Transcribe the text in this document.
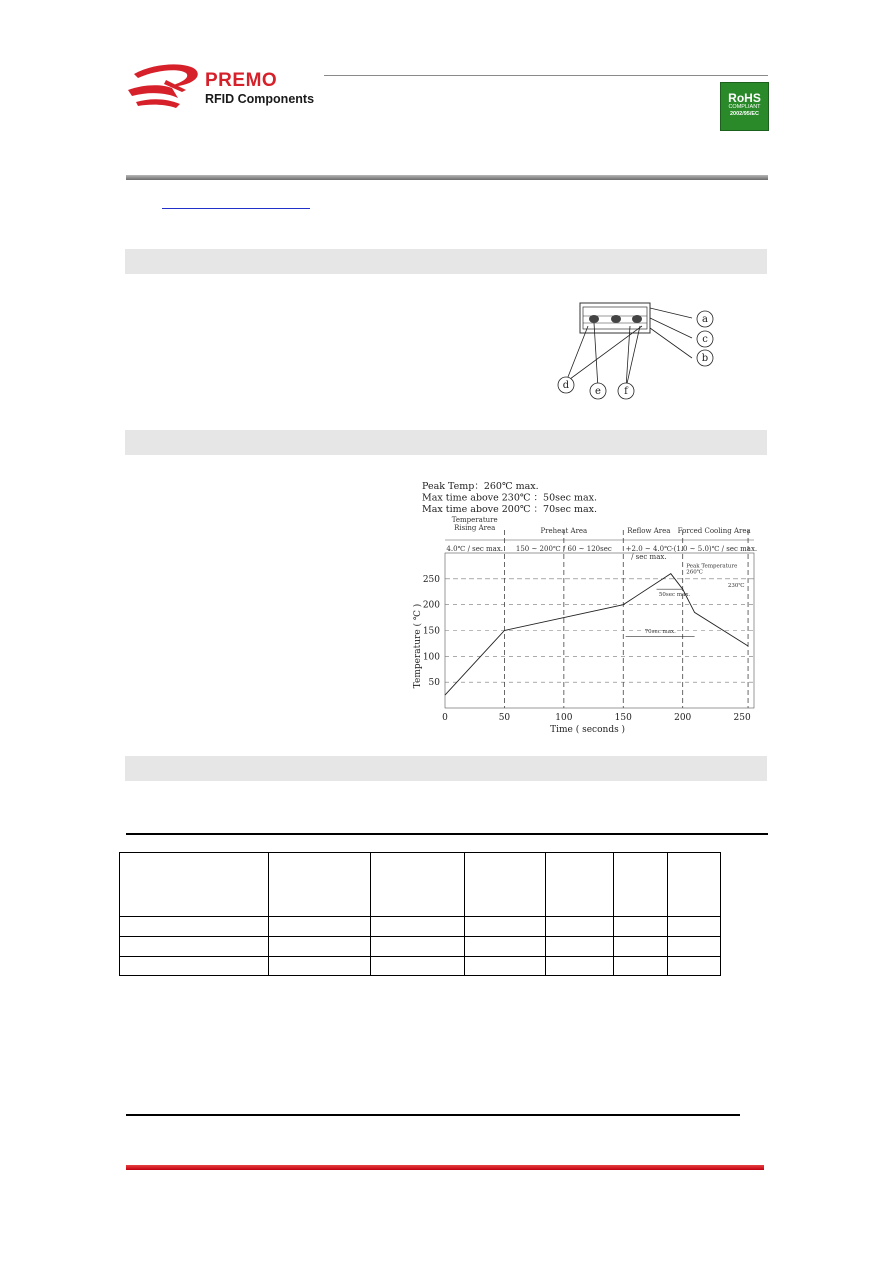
PREMO
RFID Components	RoHS
COMPLIANT
2002/95/EC
a
c
b
d
e f
Peak Temp：260℃ max.
Max time above 230℃ ：50sec max.
Max time above 200℃ ：70sec max.
Temperature
Rising Area
4.0℃ / sec max.
Preheat Area
150 ~ 200℃ / 60 ~ 120sec
Reflow Area
+2.0 ~ 4.0℃
/ sec max.
Forced Cooling Area
-(1.0 ~ 5.0)℃ / sec max.
50
100
150
200
250
0	50	100	150	200	250
Time ( seconds )
Temperature ( ℃ )
50sec max.
70sec max.
Peak Temperature
260℃
230℃
